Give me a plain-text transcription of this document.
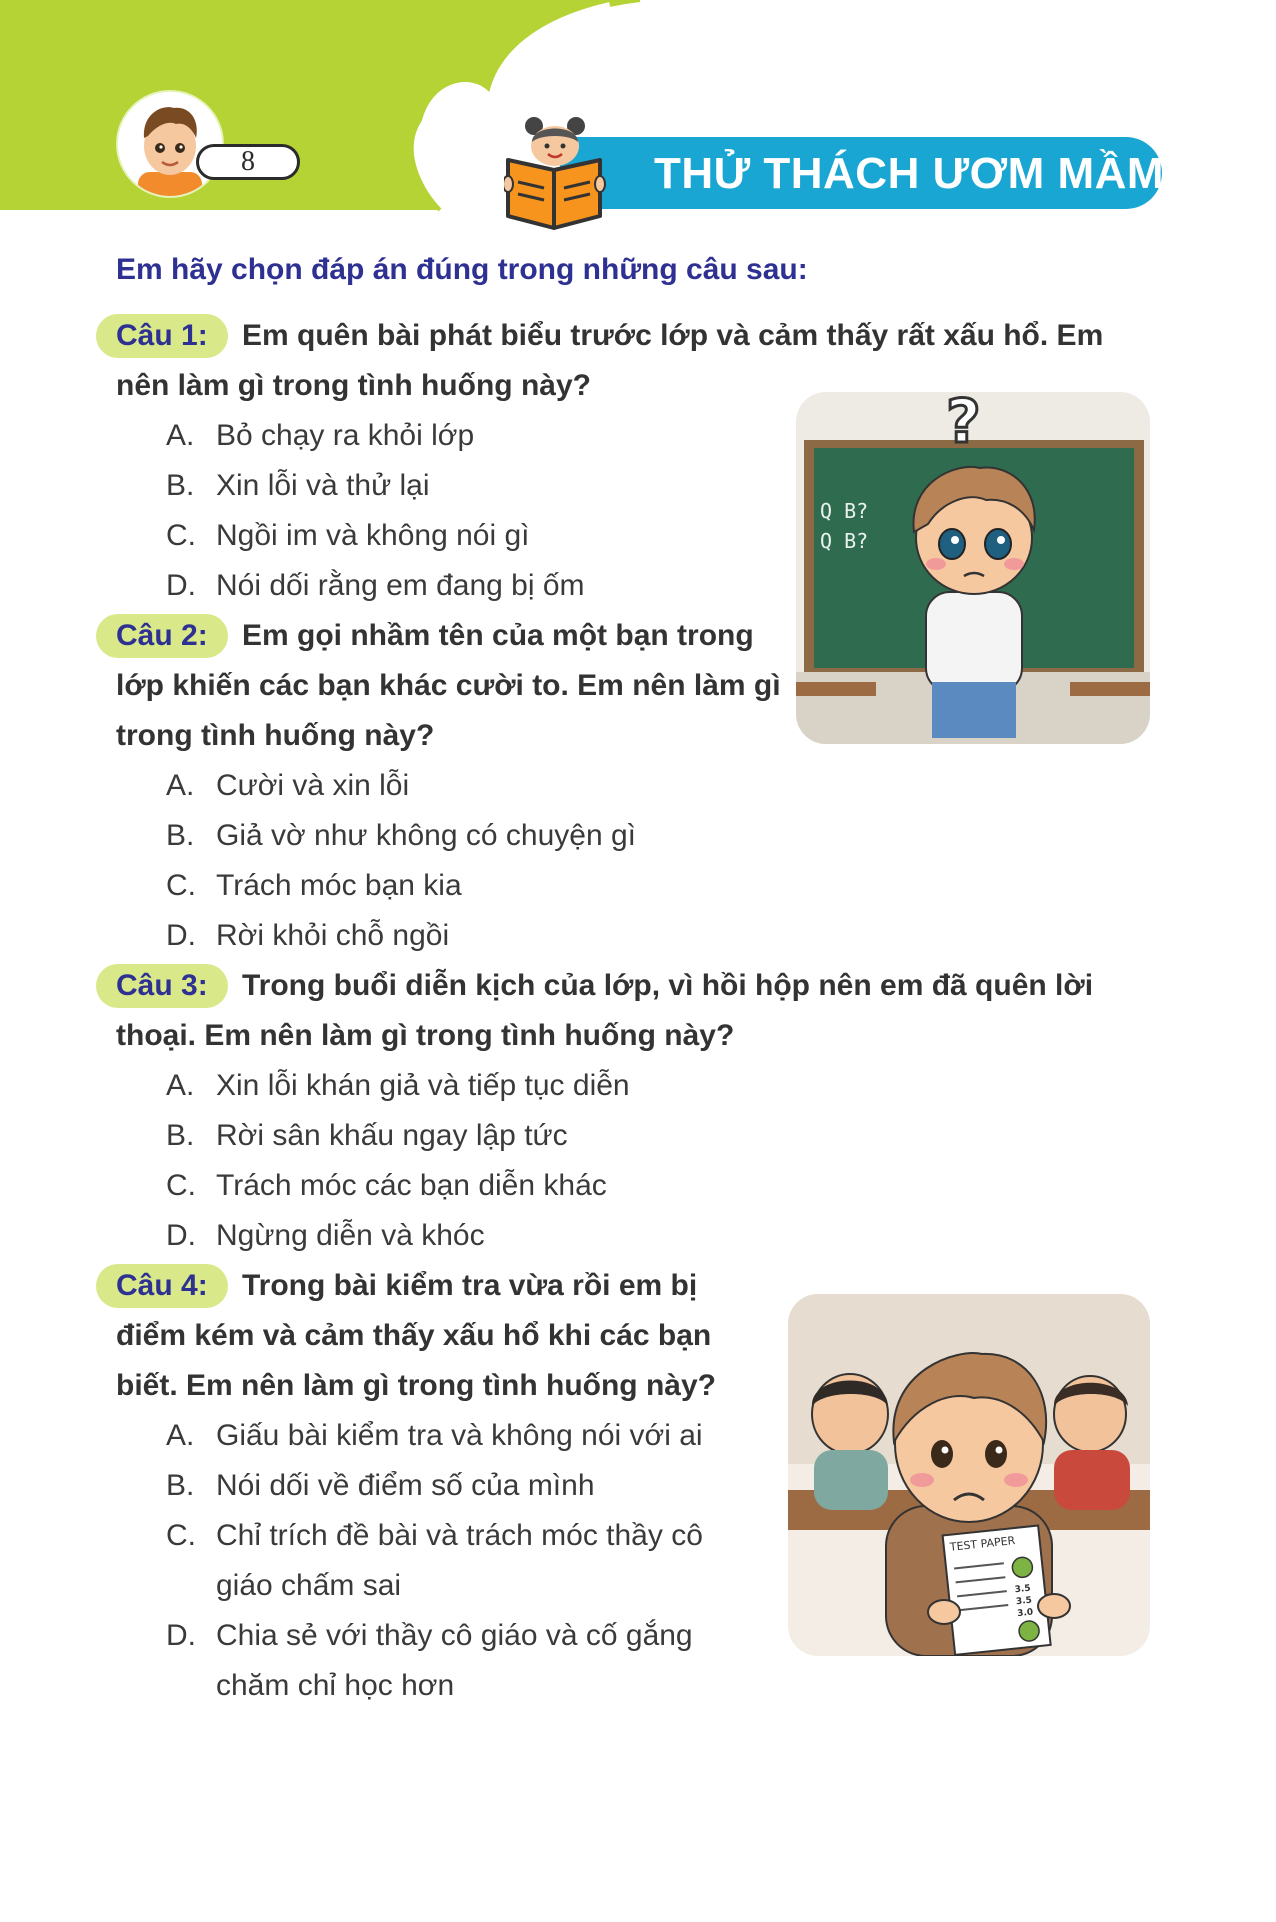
8	THỬ THÁCH ƯƠM MẦM
Em hãy chọn đáp án đúng trong những câu sau:
Câu 1:	Em quên bài phát biểu trước lớp và cảm thấy rất xấu hổ. Em
nên làm gì trong tình huống này?
A. Bỏ chạy ra khỏi lớp
B. Xin lỗi và thử lại
C. Ngồi im và không nói gì
D. Nói dối rằng em đang bị ốm
Câu 2:	Em gọi nhầm tên của một bạn trong
lớp khiến các bạn khác cười to. Em nên làm gì
trong tình huống này?
A. Cười và xin lỗi
B. Giả vờ như không có chuyện gì
C. Trách móc bạn kia
D. Rời khỏi chỗ ngồi
Câu 3:	Trong buổi diễn kịch của lớp, vì hồi hộp nên em đã quên lời
thoại. Em nên làm gì trong tình huống này?
A. Xin lỗi khán giả và tiếp tục diễn
B. Rời sân khấu ngay lập tức
C. Trách móc các bạn diễn khác
D. Ngừng diễn và khóc
Câu 4:	Trong bài kiểm tra vừa rồi em bị
điểm kém và cảm thấy xấu hổ khi các bạn
biết. Em nên làm gì trong tình huống này?
A. Giấu bài kiểm tra và không nói với ai
B. Nói dối về điểm số của mình
C. Chỉ trích đề bài và trách móc thầy cô
giáo chấm sai
D. Chia sẻ với thầy cô giáo và cố gắng
chăm chỉ học hơn
Q B?
Q B?
?
TEST PAPER
3.5
3.5
3.0
